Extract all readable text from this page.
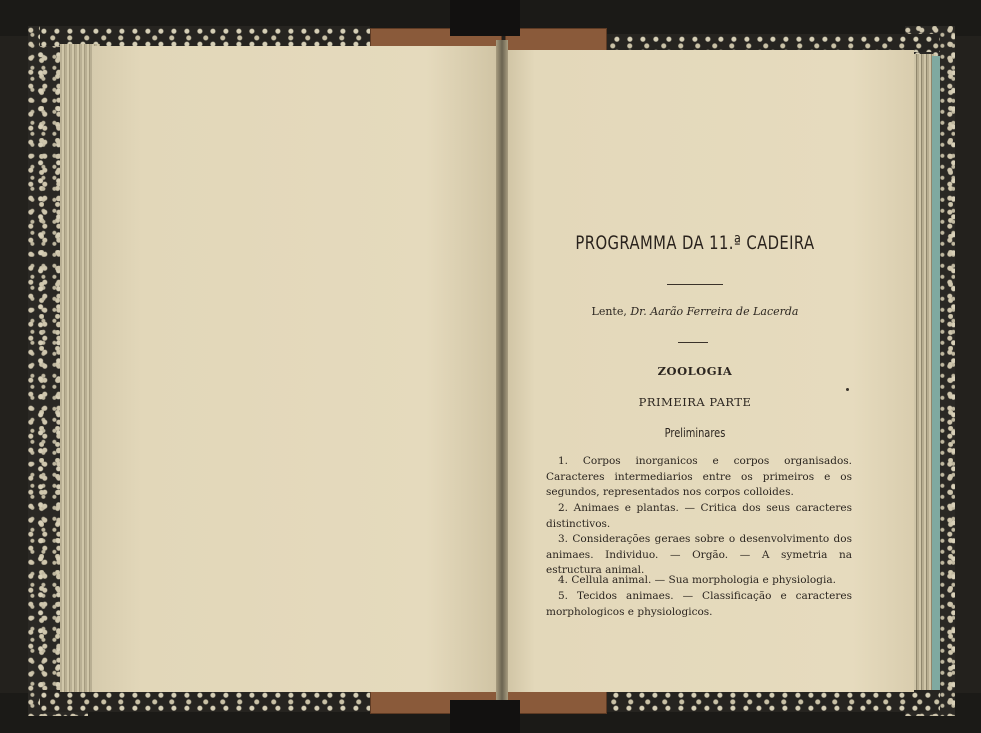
PROGRAMMA DA 11.ª CADEIRA
Lente, Dr. Aarão Ferreira de Lacerda
ZOOLOGIA
PRIMEIRA PARTE
Preliminares

1. Corpos inorganicos e corpos organisados. Caracteres intermediarios entre os primeiros e os segundos, representados nos corpos colloides.

2. Animaes e plantas. — Critica dos seus caracteres distinctivos.

3. Considerações geraes sobre o desenvolvimento dos animaes. Individuo. — Orgão. — A symetria na estructura animal.

4. Cellula animal. — Sua morphologia e physiologia.

5. Tecidos animaes. — Classificação e caracteres morphologicos e physiologicos.
